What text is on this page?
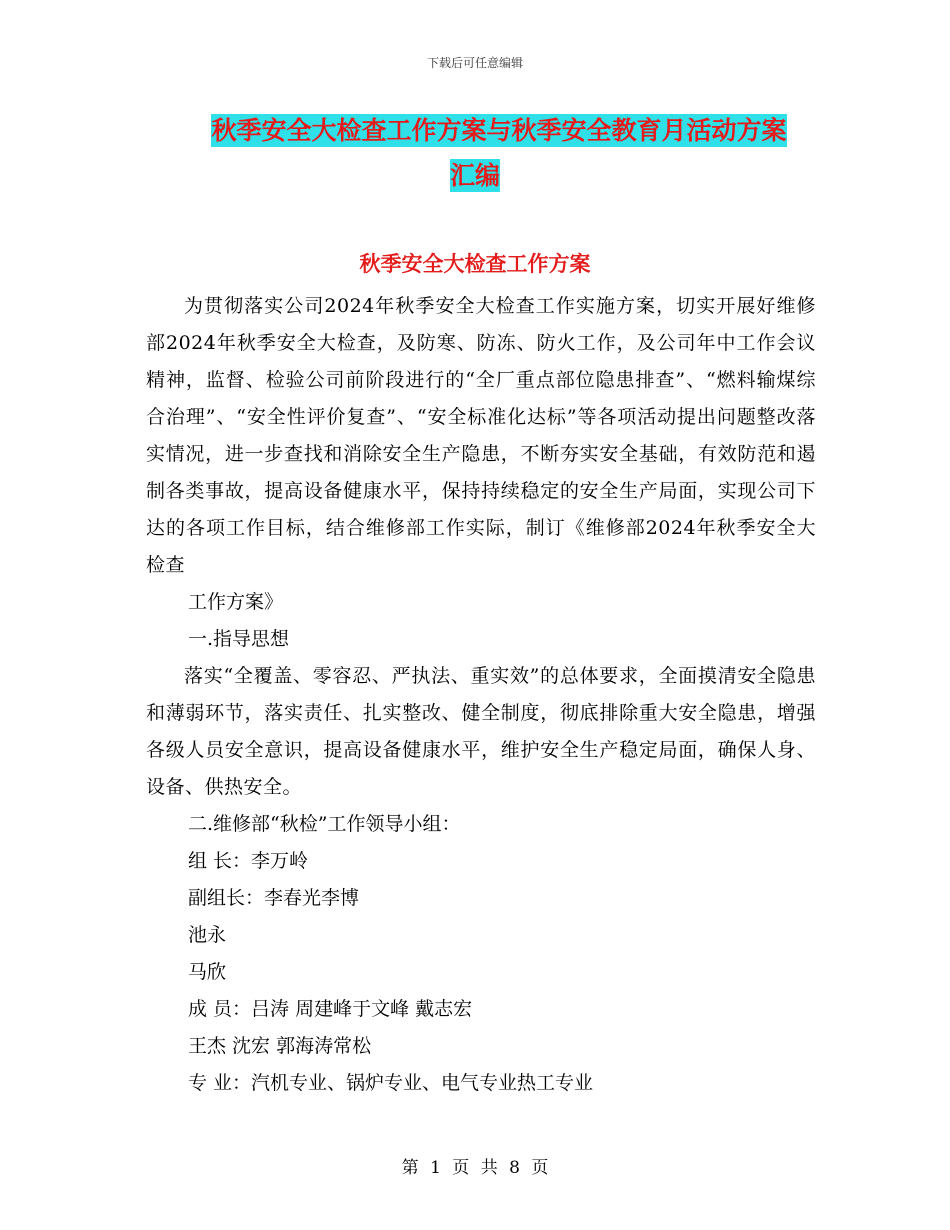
下载后可任意编辑
秋季安全大检查工作方案与秋季安全教育月活动方案
汇编
秋季安全大检查工作方案

为贯彻落实公司2024年秋季安全大检查工作实施方案，切实开展好维修部2024年秋季安全大检查，及防寒、防冻、防火工作，及公司年中工作会议精神，监督、检验公司前阶段进行的“全厂重点部位隐患排查”、“燃料输煤综合治理”、“安全性评价复查”、“安全标准化达标”等各项活动提出问题整改落实情况，进一步查找和消除安全生产隐患，不断夯实安全基础，有效防范和遏制各类事故，提高设备健康水平，保持持续稳定的安全生产局面，实现公司下达的各项工作目标，结合维修部工作实际，制订《维修部2024年秋季安全大检查

工作方案》

一.指导思想

落实“全覆盖、零容忍、严执法、重实效”的总体要求，全面摸清安全隐患和薄弱环节，落实责任、扎实整改、健全制度，彻底排除重大安全隐患，增强各级人员安全意识，提高设备健康水平，维护安全生产稳定局面，确保人身、设备、供热安全。

二.维修部“秋检”工作领导小组：

组 长：李万岭

副组长：李春光李博

池永

马欣

成 员：吕涛 周建峰于文峰 戴志宏

王杰 沈宏 郭海涛常松

专 业：汽机专业、锅炉专业、电气专业热工专业

第 1 页 共 8 页
